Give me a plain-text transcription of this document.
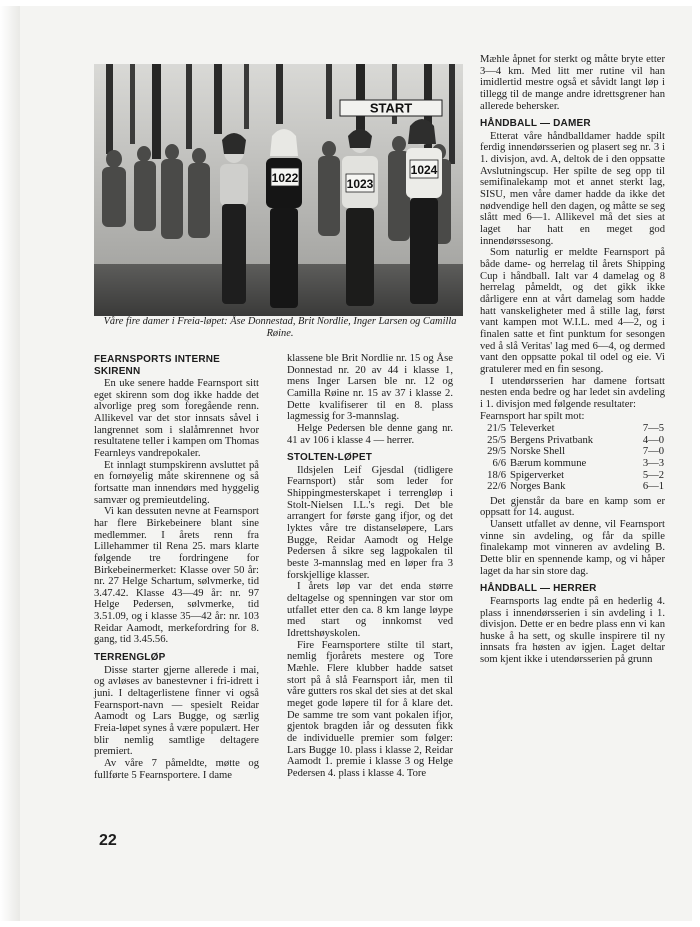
START
1022	1023
1024
Våre fire damer i Freia-løpet: Åse Donnestad, Brit Nordlie, Inger Larsen og Camilla Røine.
FEARNSPORTS INTERNE SKIRENN

En uke senere hadde Fearnsport sitt eget skirenn som dog ikke hadde det alvorlige preg som foregående renn. Allikevel var det stor innsats såvel i langrennet som i slalåmrennet hvor resultatene teller i kampen om Thomas Fearnleys vandrepokaler.

Et innlagt stumpskirenn avsluttet på en fornøyelig måte skirennene og så fortsatte man innendørs med hyggelig samvær og premieutdeling.

Vi kan dessuten nevne at Fearnsport har flere Birkebeinere blant sine medlemmer. I årets renn fra Lillehammer til Rena 25. mars klarte følgende tre fordringene for Birkebeinermerket: Klasse over 50 år: nr. 27 Helge Schartum, sølvmerke, tid 3.47.42. Klasse 43—49 år: nr. 97 Helge Pedersen, sølvmerke, tid 3.51.09, og i klasse 35—42 år: nr. 103 Reidar Aamodt, merkefordring for 8. gang, tid 3.45.56.

TERRENGLØP

Disse starter gjerne allerede i mai, og avløses av banestevner i fri-idrett i juni. I deltagerlistene finner vi også Fearnsport-navn — spesielt Reidar Aamodt og Lars Bugge, og særlig Freia-løpet synes å være populært. Her blir nemlig samtlige deltagere premiert.

Av våre 7 påmeldte, møtte og fullførte 5 Fearnsportere. I dame

klassene ble Brit Nordlie nr. 15 og Åse Donnestad nr. 20 av 44 i klasse 1, mens Inger Larsen ble nr. 12 og Camilla Røine nr. 15 av 37 i klasse 2. Dette kvalifiserer til en 8. plass lagmessig for 3-mannslag.

Helge Pedersen ble denne gang nr. 41 av 106 i klasse 4 — herrer.

STOLTEN-LØPET

Ildsjelen Leif Gjesdal (tidligere Fearnsport) står som leder for Shippingmesterskapet i terrengløp i Stolt-Nielsen I.L.'s regi. Det ble arrangert for første gang ifjor, og det lyktes våre tre distanseløpere, Lars Bugge, Reidar Aamodt og Helge Pedersen å sikre seg lagpokalen til beste 3-mannslag med en løper fra 3 forskjellige klasser.

I årets løp var det enda større deltagelse og spenningen var stor om utfallet etter den ca. 8 km lange løype med start og innkomst ved Idrettshøyskolen.

Fire Fearnsportere stilte til start, nemlig fjorårets mestere og Tore Mæhle. Flere klubber hadde satset stort på å slå Fearnsport iår, men til våre gutters ros skal det sies at det skal meget gode løpere til for å klare det. De samme tre som vant pokalen ifjor, gjentok bragden iår og dessuten fikk de individuelle premier som følger: Lars Bugge 10. plass i klasse 2, Reidar Aamodt 1. premie i klasse 3 og Helge Pedersen 4. plass i klasse 4. Tore

Mæhle åpnet for sterkt og måtte bryte etter 3—4 km. Med litt mer rutine vil han imidlertid mestre også et såvidt langt løp i tillegg til de mange andre idrettsgrener han allerede behersker.

HÅNDBALL — DAMER

Etterat våre håndballdamer hadde spilt ferdig innendørsserien og plasert seg nr. 3 i 1. divisjon, avd. A, deltok de i den oppsatte Avslutningscup. Her spilte de seg opp til semifinalekamp mot et annet sterkt lag, SISU, men våre damer hadde da ikke det nødvendige hell den dagen, og måtte se seg slått med 6—1. Allikevel må det sies at laget har hatt en meget god innendørssesong.

Som naturlig er meldte Fearnsport på både dame- og herrelag til årets Shipping Cup i håndball. Ialt var 4 damelag og 8 herrelag påmeldt, og det gikk ikke dårligere enn at vårt damelag som hadde hatt vanskeligheter med å stille lag, først vant kampen mot W.I.L. med 4—2, og i finalen satte et fint punktum for sesongen ved å slå Veritas' lag med 6—4, og dermed vant den oppsatte pokal til odel og eie. Vi gratulerer med en fin sesong.

I utendørsserien har damene fortsatt nesten enda bedre og har ledet sin avdeling i 1. divisjon med følgende resultater:

Fearnsport har spilt mot:

21/5	Televerket	7—5
25/5	Bergens Privatbank	4—0
29/5	Norske Shell	7—0
6/6	Bærum kommune	3—3
18/6	Spigerverket	5—2
22/6	Norges Bank	6—1

Det gjenstår da bare en kamp som er oppsatt for 14. august.

Uansett utfallet av denne, vil Fearnsport vinne sin avdeling, og får da spille finalekamp mot vinneren av avdeling B. Dette blir en spennende kamp, og vi håper laget da har sin store dag.

HÅNDBALL — HERRER

Fearnsports lag endte på en hederlig 4. plass i innendørsserien i sin avdeling i 1. divisjon. Dette er en bedre plass enn vi kan huske å ha sett, og skulle inspirere til ny innsats fra høsten av igjen. Laget deltar som kjent ikke i utendørsserien på grunn

22
